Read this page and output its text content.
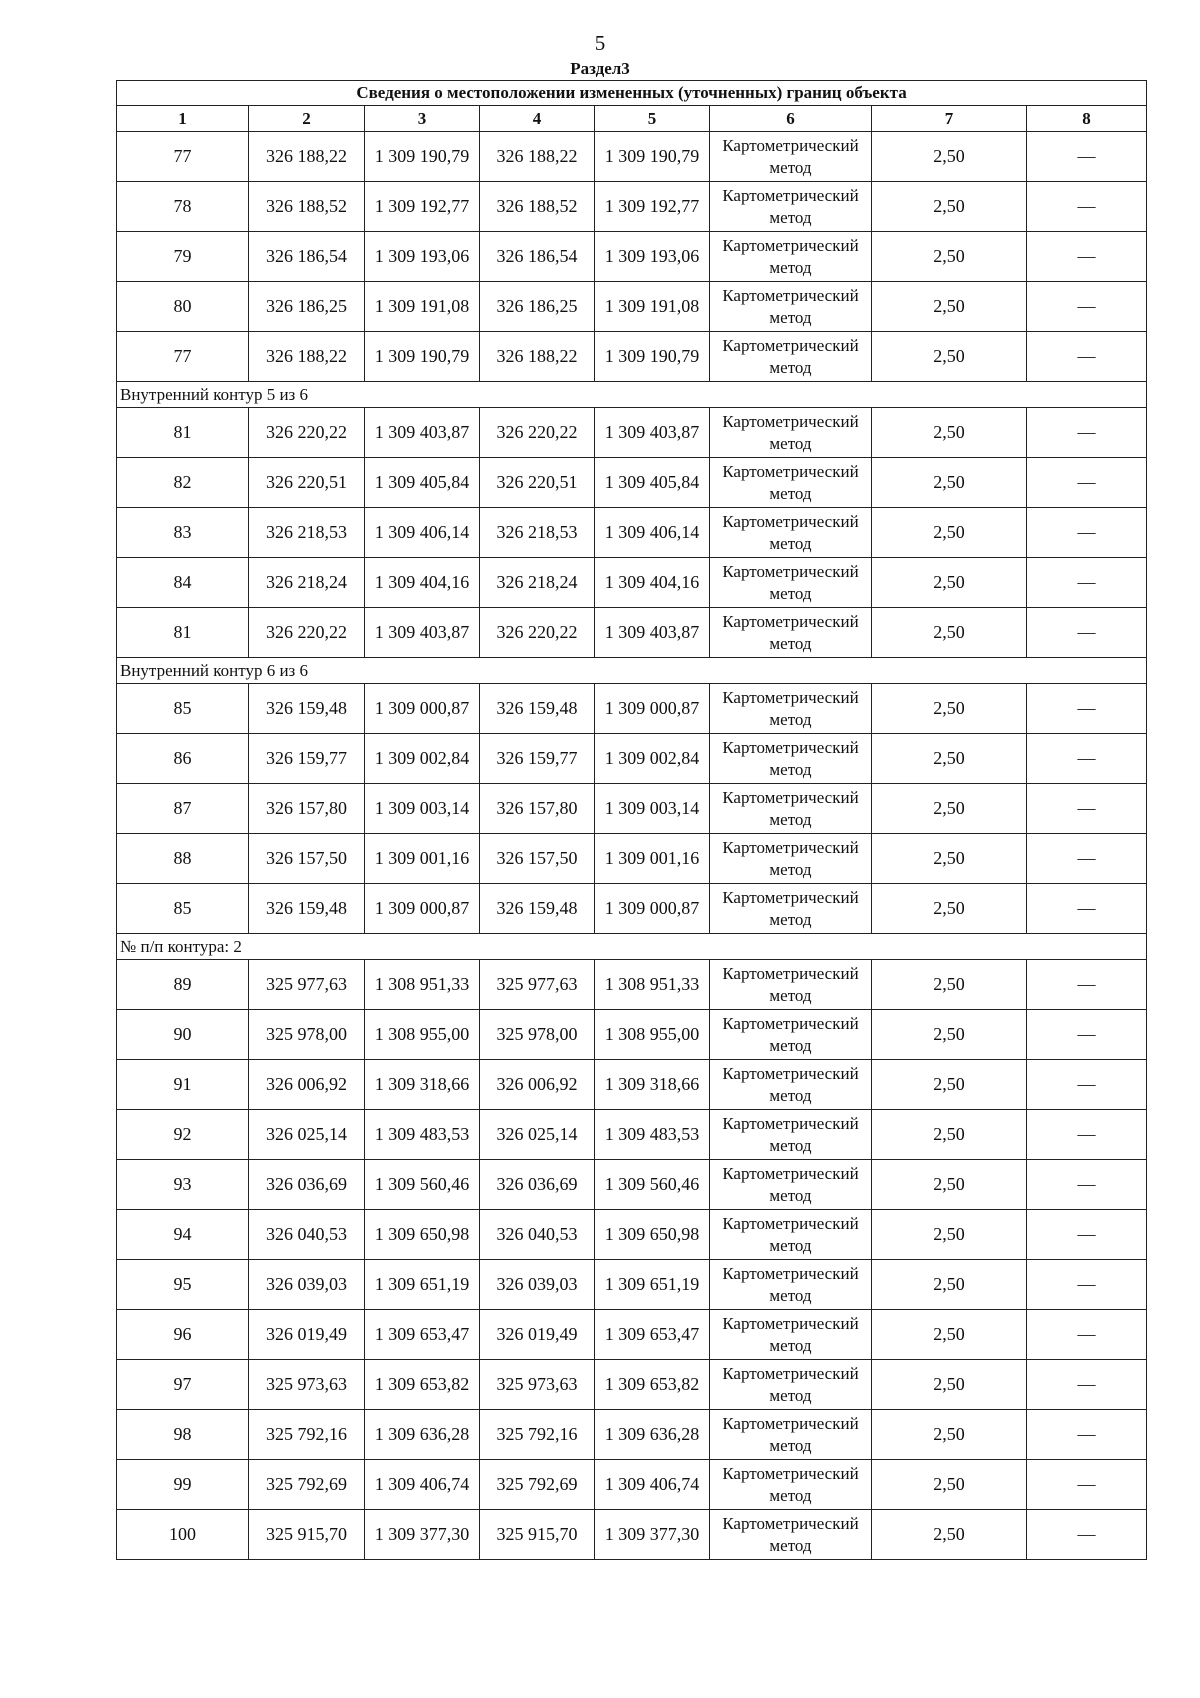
5
Раздел3
Сведения о местоположении измененных (уточненных) границ объекта							
1	2	3	4	5	6	7	8
77	326 188,22	1 309 190,79	326 188,22	1 309 190,79	Картометрический метод	2,50	—
78	326 188,52	1 309 192,77	326 188,52	1 309 192,77	Картометрический метод	2,50	—
79	326 186,54	1 309 193,06	326 186,54	1 309 193,06	Картометрический метод	2,50	—
80	326 186,25	1 309 191,08	326 186,25	1 309 191,08	Картометрический метод	2,50	—
77	326 188,22	1 309 190,79	326 188,22	1 309 190,79	Картометрический метод	2,50	—
Внутренний контур 5 из 6							
81	326 220,22	1 309 403,87	326 220,22	1 309 403,87	Картометрический метод	2,50	—
82	326 220,51	1 309 405,84	326 220,51	1 309 405,84	Картометрический метод	2,50	—
83	326 218,53	1 309 406,14	326 218,53	1 309 406,14	Картометрический метод	2,50	—
84	326 218,24	1 309 404,16	326 218,24	1 309 404,16	Картометрический метод	2,50	—
81	326 220,22	1 309 403,87	326 220,22	1 309 403,87	Картометрический метод	2,50	—
Внутренний контур 6 из 6							
85	326 159,48	1 309 000,87	326 159,48	1 309 000,87	Картометрический метод	2,50	—
86	326 159,77	1 309 002,84	326 159,77	1 309 002,84	Картометрический метод	2,50	—
87	326 157,80	1 309 003,14	326 157,80	1 309 003,14	Картометрический метод	2,50	—
88	326 157,50	1 309 001,16	326 157,50	1 309 001,16	Картометрический метод	2,50	—
85	326 159,48	1 309 000,87	326 159,48	1 309 000,87	Картометрический метод	2,50	—
№ п/п контура: 2							
89	325 977,63	1 308 951,33	325 977,63	1 308 951,33	Картометрический метод	2,50	—
90	325 978,00	1 308 955,00	325 978,00	1 308 955,00	Картометрический метод	2,50	—
91	326 006,92	1 309 318,66	326 006,92	1 309 318,66	Картометрический метод	2,50	—
92	326 025,14	1 309 483,53	326 025,14	1 309 483,53	Картометрический метод	2,50	—
93	326 036,69	1 309 560,46	326 036,69	1 309 560,46	Картометрический метод	2,50	—
94	326 040,53	1 309 650,98	326 040,53	1 309 650,98	Картометрический метод	2,50	—
95	326 039,03	1 309 651,19	326 039,03	1 309 651,19	Картометрический метод	2,50	—
96	326 019,49	1 309 653,47	326 019,49	1 309 653,47	Картометрический метод	2,50	—
97	325 973,63	1 309 653,82	325 973,63	1 309 653,82	Картометрический метод	2,50	—
98	325 792,16	1 309 636,28	325 792,16	1 309 636,28	Картометрический метод	2,50	—
99	325 792,69	1 309 406,74	325 792,69	1 309 406,74	Картометрический метод	2,50	—
100	325 915,70	1 309 377,30	325 915,70	1 309 377,30	Картометрический метод	2,50	—
